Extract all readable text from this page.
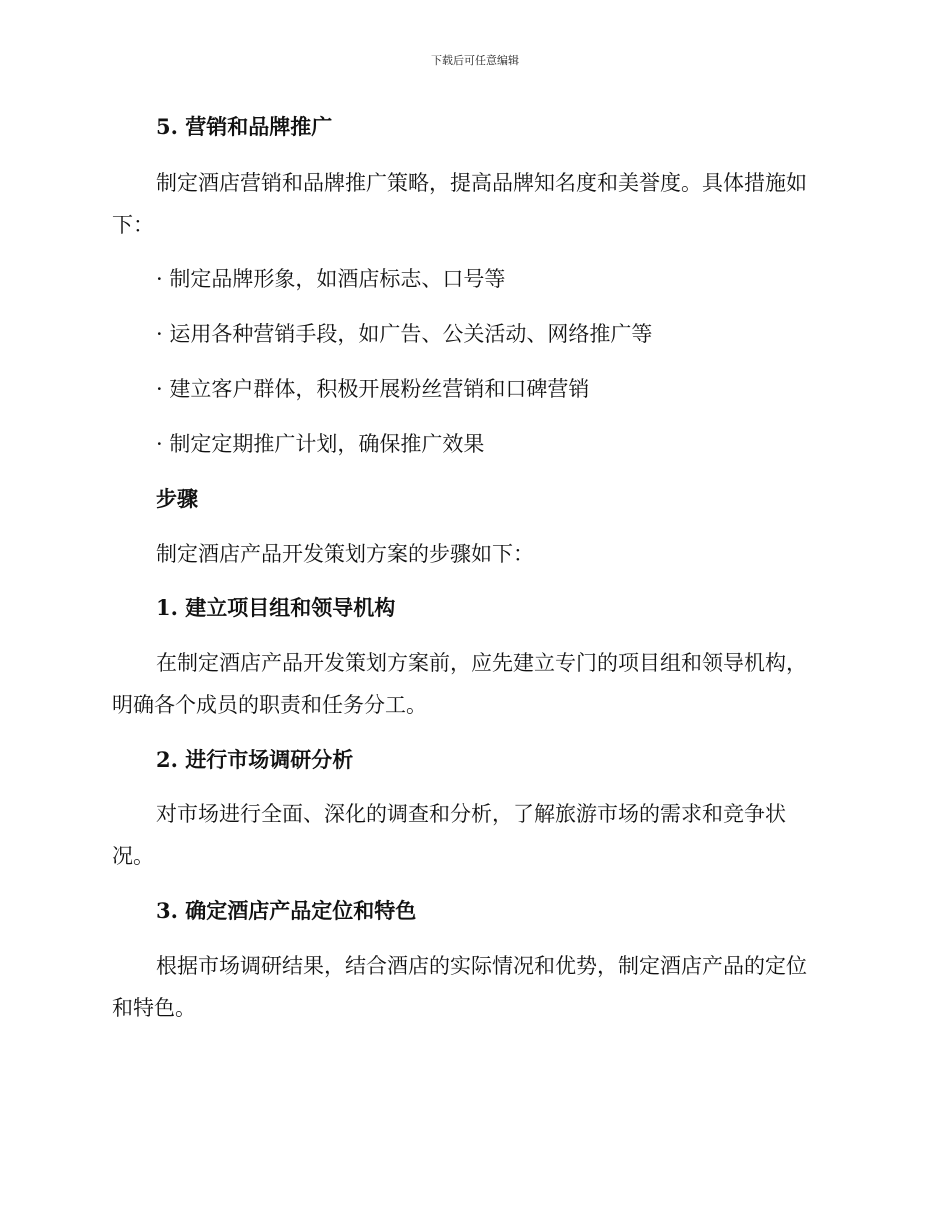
下载后可任意编辑
5. 营销和品牌推广
制定酒店营销和品牌推广策略，提高品牌知名度和美誉度。具体措施如
下：
· 制定品牌形象，如酒店标志、口号等
· 运用各种营销手段，如广告、公关活动、网络推广等
· 建立客户群体，积极开展粉丝营销和口碑营销
· 制定定期推广计划，确保推广效果
步骤
制定酒店产品开发策划方案的步骤如下：
1. 建立项目组和领导机构
在制定酒店产品开发策划方案前，应先建立专门的项目组和领导机构，
明确各个成员的职责和任务分工。
2. 进行市场调研分析
对市场进行全面、深化的调查和分析，了解旅游市场的需求和竞争状
况。
3. 确定酒店产品定位和特色
根据市场调研结果，结合酒店的实际情况和优势，制定酒店产品的定位
和特色。
